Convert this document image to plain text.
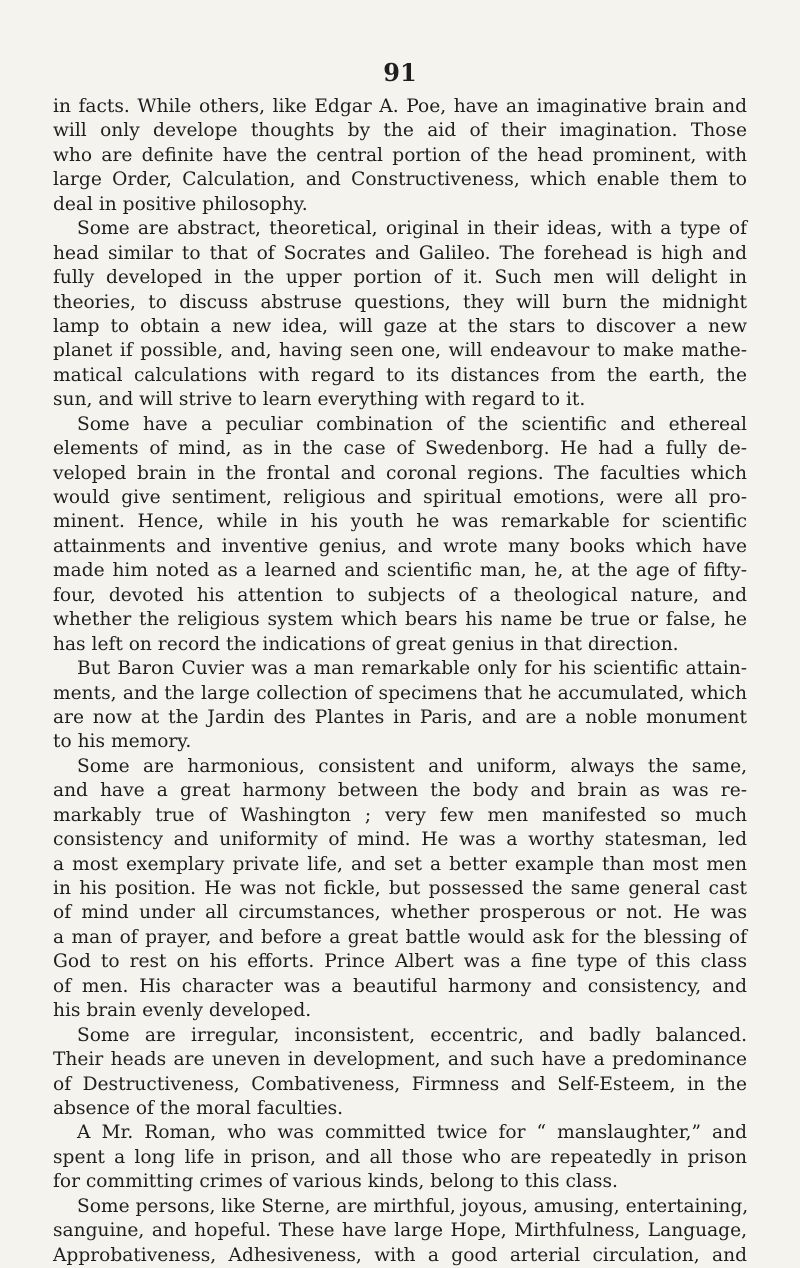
91
in facts. While others, like Edgar A. Poe, have an imaginative brain and
will only develope thoughts by the aid of their imagination. Those
who are definite have the central portion of the head prominent, with
large Order, Calculation, and Constructiveness, which enable them to
deal in positive philosophy.
Some are abstract, theoretical, original in their ideas, with a type of
head similar to that of Socrates and Galileo. The forehead is high and
fully developed in the upper portion of it. Such men will delight in
theories, to discuss abstruse questions, they will burn the midnight
lamp to obtain a new idea, will gaze at the stars to discover a new
planet if possible, and, having seen one, will endeavour to make mathe-
matical calculations with regard to its distances from the earth, the
sun, and will strive to learn everything with regard to it.
Some have a peculiar combination of the scientific and ethereal
elements of mind, as in the case of Swedenborg. He had a fully de-
veloped brain in the frontal and coronal regions. The faculties which
would give sentiment, religious and spiritual emotions, were all pro-
minent. Hence, while in his youth he was remarkable for scientific
attainments and inventive genius, and wrote many books which have
made him noted as a learned and scientific man, he, at the age of fifty-
four, devoted his attention to subjects of a theological nature, and
whether the religious system which bears his name be true or false, he
has left on record the indications of great genius in that direction.
But Baron Cuvier was a man remarkable only for his scientific attain-
ments, and the large collection of specimens that he accumulated, which
are now at the Jardin des Plantes in Paris, and are a noble monument
to his memory.
Some are harmonious, consistent and uniform, always the same,
and have a great harmony between the body and brain as was re-
markably true of Washington ; very few men manifested so much
consistency and uniformity of mind. He was a worthy statesman, led
a most exemplary private life, and set a better example than most men
in his position. He was not fickle, but possessed the same general cast
of mind under all circumstances, whether prosperous or not. He was
a man of prayer, and before a great battle would ask for the blessing of
God to rest on his efforts. Prince Albert was a fine type of this class
of men. His character was a beautiful harmony and consistency, and
his brain evenly developed.
Some are irregular, inconsistent, eccentric, and badly balanced.
Their heads are uneven in development, and such have a predominance
of Destructiveness, Combativeness, Firmness and Self-Esteem, in the
absence of the moral faculties.
A Mr. Roman, who was committed twice for “ manslaughter,” and
spent a long life in prison, and all those who are repeatedly in prison
for committing crimes of various kinds, belong to this class.
Some persons, like Sterne, are mirthful, joyous, amusing, entertaining,
sanguine, and hopeful. These have large Hope, Mirthfulness, Language,
Approbativeness, Adhesiveness, with a good arterial circulation, and
